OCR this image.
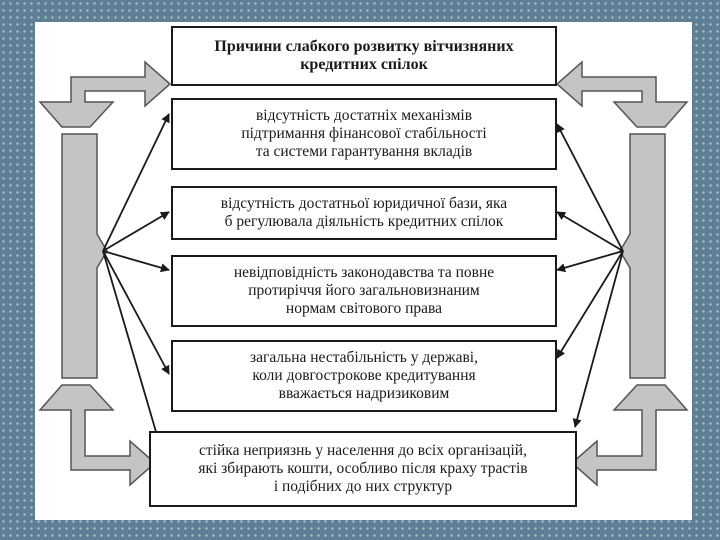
Причини слабкого розвитку вітчизняних
кредитних спілок
відсутність достатніх механізмів
підтримання фінансової стабільності
та системи гарантування вкладів
відсутність достатньої юридичної бази, яка
б регулювала діяльність кредитних спілок
невідповідність законодавства та повне
протиріччя його загальновизнаним
нормам світового права
загальна нестабільність у державі,
коли довгострокове кредитування
вважається надризиковим
стійка неприязнь у населення до всіх організацій,
які збирають кошти, особливо після краху трастів
і подібних до них структур
